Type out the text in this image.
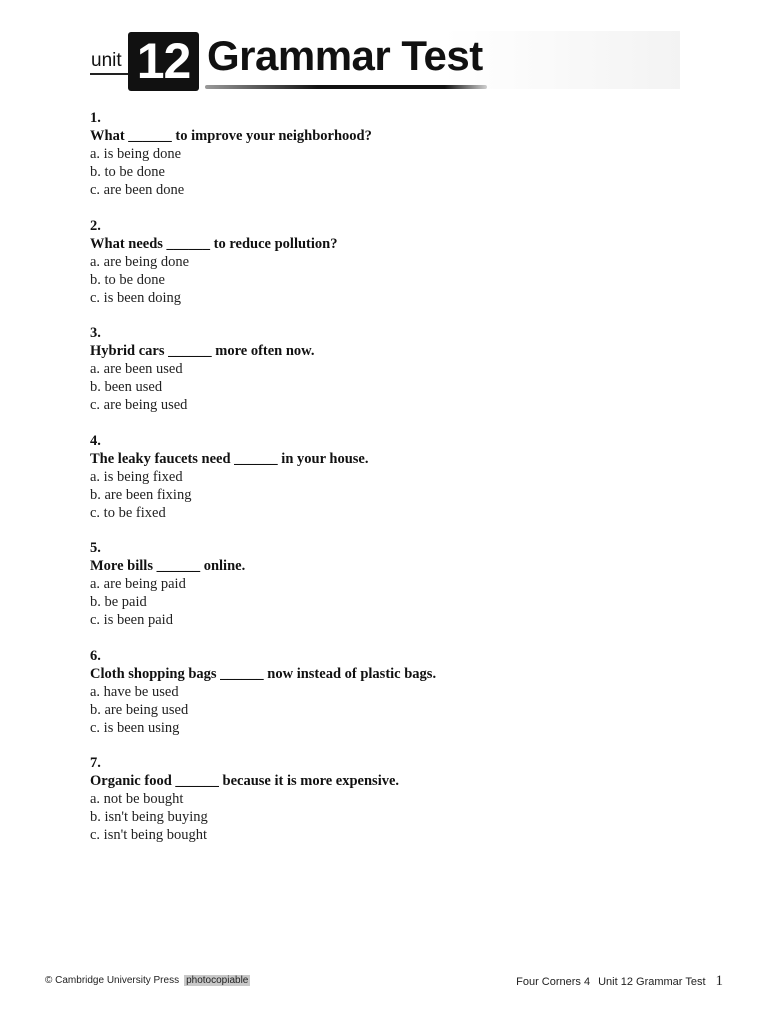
unit 12 Grammar Test
1.
What ______ to improve your neighborhood?
a. is being done
b. to be done
c. are been done
2.
What needs ______ to reduce pollution?
a. are being done
b. to be done
c. is been doing
3.
Hybrid cars ______ more often now.
a. are been used
b. been used
c. are being used
4.
The leaky faucets need ______ in your house.
a. is being fixed
b. are been fixing
c. to be fixed
5.
More bills ______ online.
a. are being paid
b. be paid
c. is been paid
6.
Cloth shopping bags ______ now instead of plastic bags.
a. have be used
b. are being used
c. is been using
7.
Organic food ______ because it is more expensive.
a. not be bought
b. isn't being buying
c. isn't being bought
© Cambridge University Press photocopiable	Four Corners 4 Unit 12 Grammar Test 1
